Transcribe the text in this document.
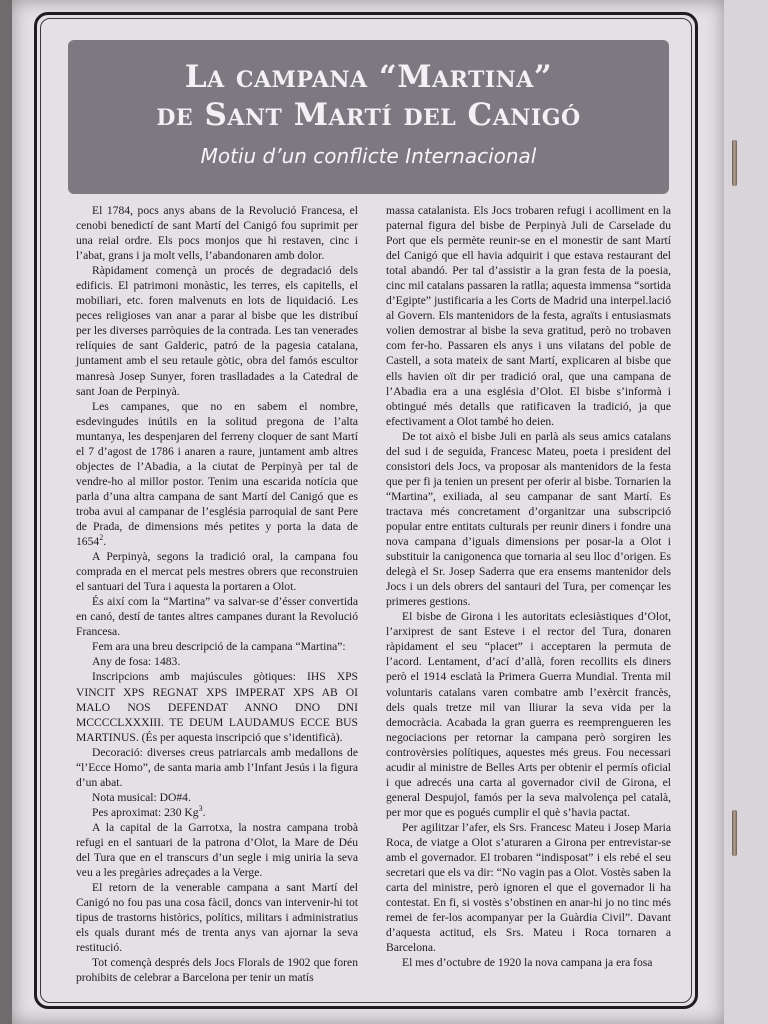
La campana “Martina”
de Sant Martí del Canigó
Motiu d’un conflicte Internacional

El 1784, pocs anys abans de la Revolució Francesa, el cenobi benedictí de sant Martí del Canigó fou suprimit per una reial ordre. Els pocs monjos que hi restaven, cinc i l’abat, grans i ja molt vells, l’abandonaren amb dolor.

Ràpidament començà un procés de degradació dels edificis. El patrimoni monàstic, les terres, els capitells, el mobiliari, etc. foren malvenuts en lots de liquidació. Les peces religioses van anar a parar al bisbe que les distribuí per les diverses parròquies de la contrada. Les tan venerades relíquies de sant Galderic, patró de la pagesia catalana, juntament amb el seu retaule gòtic, obra del famós escultor manresà Josep Sunyer, foren traslladades a la Catedral de sant Joan de Perpinyà.

Les campanes, que no en sabem el nombre, esdevingudes inútils en la solitud pregona de l’alta muntanya, les despenjaren del ferreny cloquer de sant Martí el 7 d’agost de 1786 i anaren a raure, juntament amb altres objectes de l’Abadia, a la ciutat de Perpinyà per tal de vendre-ho al millor postor. Tenim una escarida notícia que parla d’una altra campana de sant Martí del Canigó que es troba avui al campanar de l’església parroquial de sant Pere de Prada, de dimensions més petites y porta la data de 1654$^2$.

A Perpinyà, segons la tradició oral, la campana fou comprada en el mercat pels mestres obrers que reconstruien el santuari del Tura i aquesta la portaren a Olot.

És així com la “Martina” va salvar-se d’ésser convertida en canó, destí de tantes altres campanes durant la Revolució Francesa.

Fem ara una breu descripció de la campana “Martina”:

Any de fosa: 1483.

Inscripcions amb majúscules gòtiques: IHS XPS VINCIT XPS REGNAT XPS IMPERAT XPS AB OI MALO NOS DEFENDAT ANNO DNO DNI MCCCCLXXXIII. TE DEUM LAUDAMUS ECCE BUS MARTINUS. (És per aquesta inscripció que s’identificà).

Decoració: diverses creus patriarcals amb medallons de “l’Ecce Homo”, de santa maria amb l’Infant Jesús i la figura d’un abat.

Nota musical: DO#4.

Pes aproximat: 230 Kg$^3$.

A la capital de la Garrotxa, la nostra campana trobà refugi en el santuari de la patrona d’Olot, la Mare de Déu del Tura que en el transcurs d’un segle i mig uniria la seva veu a les pregàries adreçades a la Verge.

El retorn de la venerable campana a sant Martí del Canigó no fou pas una cosa fàcil, doncs van intervenir-hi tot tipus de trastorns històrics, polítics, militars i administratius els quals durant més de trenta anys van ajornar la seva restitució.

Tot començà després dels Jocs Florals de 1902 que foren prohibits de celebrar a Barcelona per tenir un matís

massa catalanista. Els Jocs trobaren refugi i acolliment en la paternal figura del bisbe de Perpinyà Juli de Carselade du Port que els permète reunir-se en el monestir de sant Martí del Canigó que ell havia adquirit i que estava restaurant del total abandó. Per tal d’assistir a la gran festa de la poesia, cinc mil catalans passaren la ratlla; aquesta immensa “sortida d’Egipte” justificaria a les Corts de Madrid una interpel.lació al Govern. Els mantenidors de la festa, agraïts i entusiasmats volien demostrar al bisbe la seva gratitud, però no trobaven com fer-ho. Passaren els anys i uns vilatans del poble de Castell, a sota mateix de sant Martí, explicaren al bisbe que ells havien oït dir per tradició oral, que una campana de l’Abadia era a una església d’Olot. El bisbe s’informà i obtingué més detalls que ratificaven la tradició, ja que efectivament a Olot també ho deien.

De tot això el bisbe Juli en parlà als seus amics catalans del sud i de seguida, Francesc Mateu, poeta i president del consistori dels Jocs, va proposar als mantenidors de la festa que per fi ja tenien un present per oferir al bisbe. Tornarien la “Martina”, exiliada, al seu campanar de sant Martí. Es tractava més concretament d’organitzar una subscripció popular entre entitats culturals per reunir diners i fondre una nova campana d’iguals dimensions per posar-la a Olot i substituir la canigonenca que tornaria al seu lloc d’origen. Es delegà el Sr. Josep Saderra que era ensems mantenidor dels Jocs i un dels obrers del santauri del Tura, per començar les primeres gestions.

El bisbe de Girona i les autoritats eclesiàstiques d’Olot, l’arxiprest de sant Esteve i el rector del Tura, donaren ràpidament el seu “placet” i acceptaren la permuta de l’acord. Lentament, d’ací d’allà, foren recollits els diners però el 1914 esclatà la Primera Guerra Mundial. Trenta mil voluntaris catalans varen combatre amb l’exèrcit francès, dels quals tretze mil van lliurar la seva vida per la democràcia. Acabada la gran guerra es reemprengueren les negociacions per retornar la campana però sorgiren les controvèrsies polítiques, aquestes més greus. Fou necessari acudir al ministre de Belles Arts per obtenir el permís oficial i que adrecés una carta al governador civil de Girona, el general Despujol, famós per la seva malvolença pel català, per mor que es pogués cumplir el què s’havia pactat.

Per agilitzar l’afer, els Srs. Francesc Mateu i Josep Maria Roca, de viatge a Olot s’aturaren a Girona per entrevistar-se amb el governador. El trobaren “indisposat” i els rebé el seu secretari que els va dir: “No vagin pas a Olot. Vostès saben la carta del ministre, però ignoren el que el governador li ha contestat. En fi, si vostès s’obstinen en anar-hi jo no tinc més remei de fer-los acompanyar per la Guàrdia Civil”. Davant d’aquesta actitud, els Srs. Mateu i Roca tornaren a Barcelona.

El mes d’octubre de 1920 la nova campana ja era fosa
